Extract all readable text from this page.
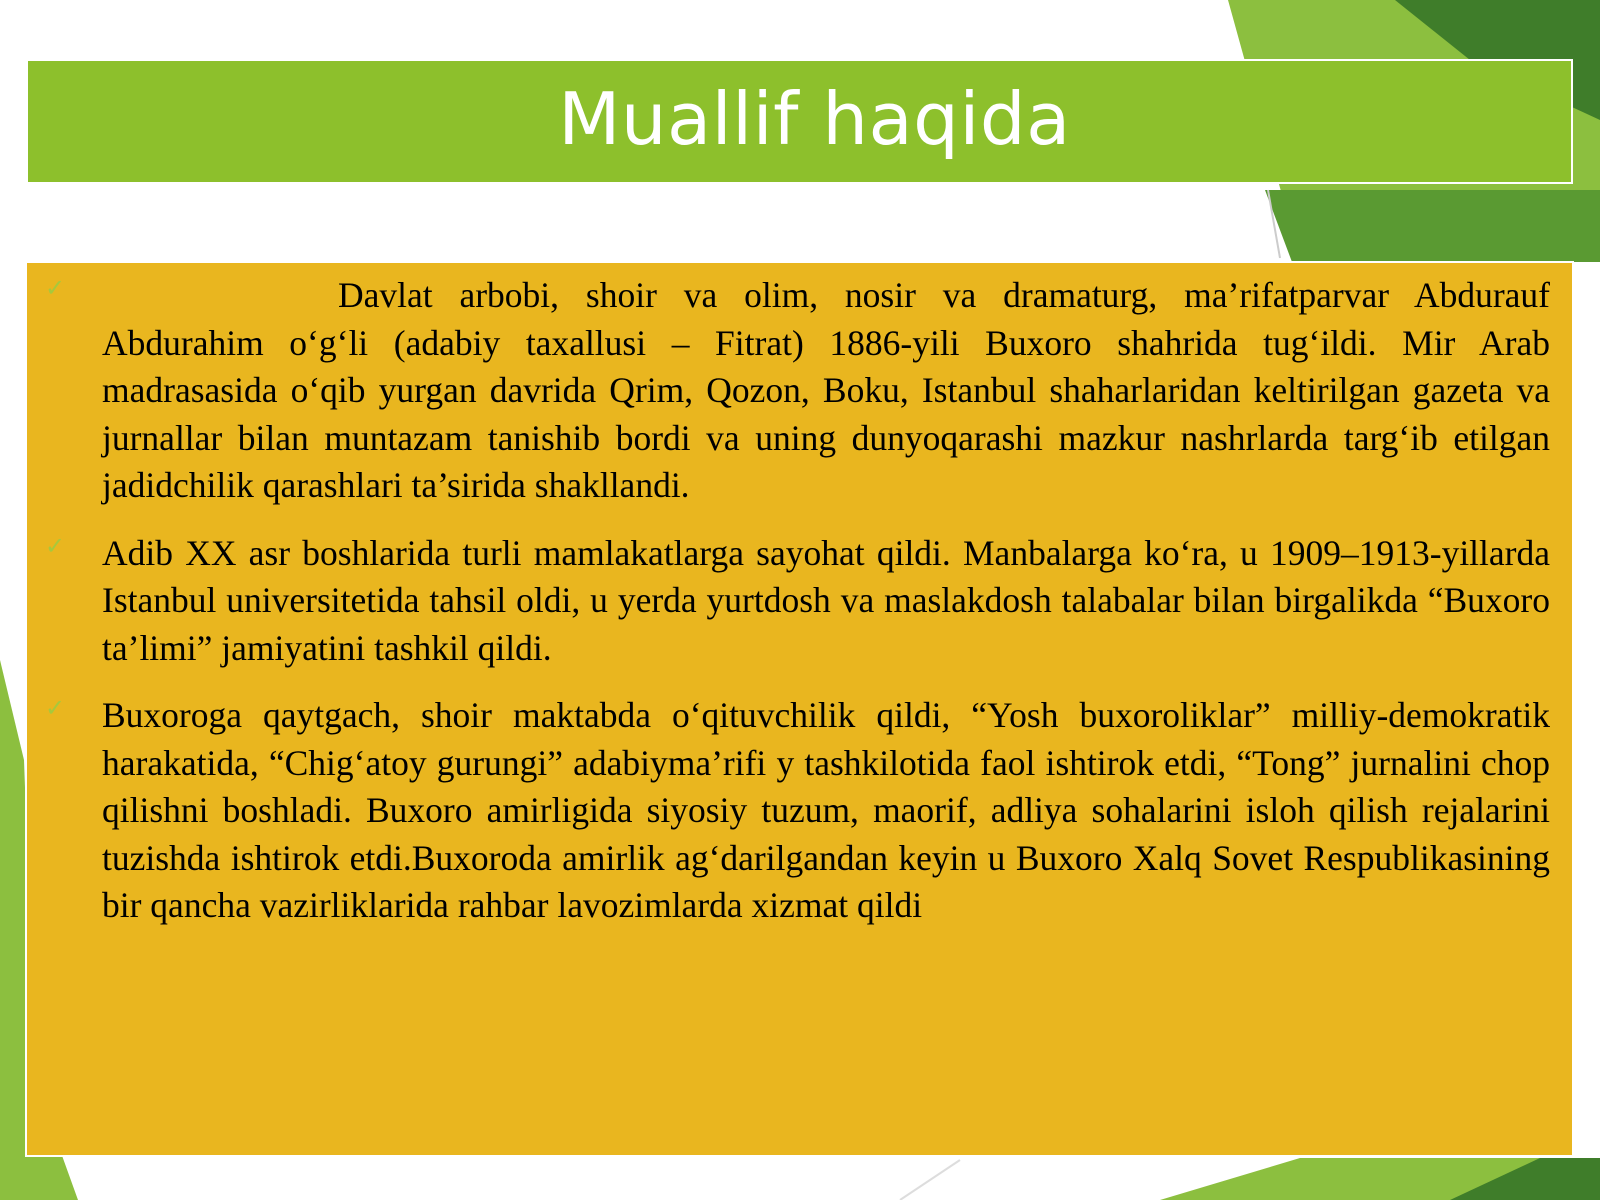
Muallif haqida
✓	Davlat arbobi, shoir va olim, nosir va dramaturg, ma’rifatparvar Abdurauf Abdurahim o‘g‘li (adabiy taxallusi – Fitrat) 1886-yili Buxoro shahrida tug‘ildi. Mir Arab madrasasida o‘qib yurgan davrida Qrim, Qozon, Boku, Istanbul shaharlaridan keltirilgan gazeta va jurnallar bilan muntazam tanishib bordi va uning dunyoqarashi mazkur nashrlarda targ‘ib etilgan jadidchilik qarashlari ta’sirida shakllandi.
✓ Adib XX asr boshlarida turli mamlakatlarga sayohat qildi. Manbalarga ko‘ra, u 1909–1913-yillarda Istanbul universitetida tahsil oldi, u yerda yurtdosh va maslakdosh talabalar bilan birgalikda “Buxoro ta’limi” jamiyatini tashkil qildi.
✓ Buxoroga qaytgach, shoir maktabda o‘qituvchilik qildi, “Yosh buxoroliklar” milliy-demokratik harakatida, “Chig‘atoy gurungi” adabiyma’rifi y tashkilotida faol ishtirok etdi, “Tong” jurnalini chop qilishni boshladi. Buxoro amirligida siyosiy tuzum, maorif, adliya sohalarini isloh qilish rejalarini tuzishda ishtirok etdi.Buxoroda amirlik ag‘darilgandan keyin u Buxoro Xalq Sovet Respublikasining bir qancha vazirliklarida rahbar lavozimlarda xizmat qildi
